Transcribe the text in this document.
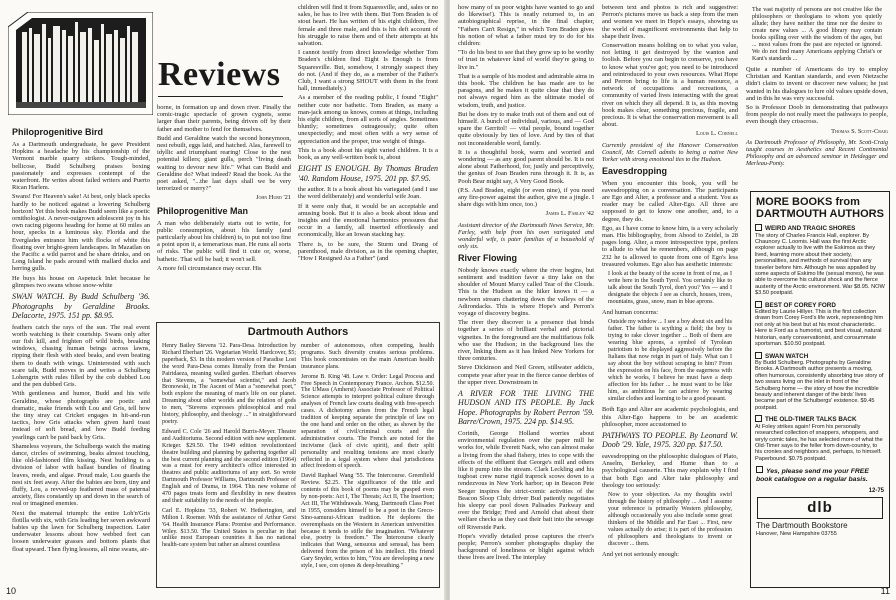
Reviews
Philoprogenitive Bird

As a Dartmouth undergraduate, he gave President Hopkins a headache by his championship of the Vermont marble quarry strikers. Tough-minded, bellicose, Budd Schulberg praises boxing passionately and expresses contempt of the waterfront. He writes about failed writers and Puerto Rican Harlem.

Swans! For Heaven's sake! At best, only black specks hardly to be noticed against a lowering Schulberg horizon! Yet this book makes Budd seem like a poetic ornithologist. A never-outgrown adolescent joy in his own racing pigeons heading for home at 60 miles an hour, specks in a luminous sky. Florida and the Everglades entrance him with flocks of white ibis floating over bright-green landscapes. In Mazatlan on the Pacific a wild parrot and he share drinks, and on Long Island he pads around with mallard ducks and herring gulls.

He buys his house on Aspetuck Inlet because he glimpses two swans whose snow-white

SWAN WATCH. By Budd Schulberg '36. Photographs by Geraldine Brooks. Delacorte, 1975. 151 pp. $8.95.

feathers catch the rays of the sun. The real event worth watching is their courtship. Swans only after our fish kill, and frighten off wild birds, breaking windows, chasing human beings across lawns, ripping their flesh with steel beaks, and even beating them to death with wings. Uninterested with such scare talk, Budd moves in and writes a Schulberg Lohengrin with rules filled by the cob dubbed Lou and the pen dubbed Gris.

With gentleness and humor, Budd and his wife Geraldine, whose photographs are poetic and dramatic, make friends with Lou and Gris, tell how the tiny stray cat Cricket engages in hit-and-run tactics, how Gris attacks when given hard toast instead of soft bread, and how Budd feeding yearlings can't be paid back by Gris.

Shameless voyeurs, the Schulbergs watch the mating dance, circles of swimming, beaks almost touching, like old-fashioned film kissing. Nest building is a division of labor with ballast bundles of floating leaves, reeds, and algae. Proud male, Lou guards the nest six feet away. After the babies are born, tiny and fluffy, Lou, a revved-up feathered mass of paternal anxiety, flies constantly up and down in the search of real or imagined enemies.

Next the maternal triumph: the entire Loh'n'Gris flotilla with six, with Gris leading her seven awkward babies up the lawn for Schulberg inspection. Later underwater lessons about how webbed feet can loosen underwater grasses and bottom plants that float upward. Then flying lessons, all nine swans, air-

borne, in formation up and down river. Finally the comic-tragic spectacle of grown cygnets, some larger than their parents, being driven off by their father and mother to fend for themselves.

Budd and Geraldine watch the second honeymoon, nest rebuilt, eggs laid, and hatched. Alas, farewell to idyllic and triumphant rearing! Close to the nest potential killers; giant gulls, perch "living death waiting to devour new life." What can Budd and Geraldine do? What indeed? Read the book. As the poet asked, "...the last days shall we be very terrorized or merry?"

John Hurd '21
Philoprogenitive Man

A man who deliberately starts out to write, for public consumption, about his family (and particularly about his children) is, to put not too fine a point upon it, a temerarious man. He runs all sorts of risks. The public will find it cute or, worse, bathetic. That will be bad; it won't sell.

A more fell circumstance may occur. His

children will find it from Squaresville, and, sales or no sales, he has to live with them. But Tom Braden is of stout heart. He has written of his eight children, five female and three male, and this is his deft account of his struggle to raise them and of their attempts at his salvation.

I cannot testify from direct knowledge whether Tom Braden's children find Eight Is Enough is from Squaresville. But, somehow, I strongly suspect they do not. (And if they do, as a member of the Father's Club, I want a strong SHOUT with them in the front hall, immediately.)

As a member of the reading public, I found "Eight" neither cute nor bathetic. Tom Braden, as many a man-jack among us knows, comes at things, including his eight children, from all sorts of angles. Sometimes bluntly; sometimes outrageously; quite often unexpectedly; and most often with a wry sense of appreciation and the proper, true weight of things.

This is a book about his eight varied children. It is a book, as any well-written book is, about

EIGHT IS ENOUGH. By Thomas Braden '40. Random House, 1975. 201 pp. $7.95.

the author. It is a book about his variegated (and I use the word deliberately) and wonderful wife Joan.

If it were only that, it would be an acceptable and amusing book. But it is also a book about ideas and insights and the emotional harmonics pressures that occur in a family, all inserted effortlessly and economically, like an Iowan stacking hay.

There is, to be sure, the Sturm und Drang of parenthood, male division, as in the opening chapter, "How I Resigned As a Father" (and

Dartmouth Authors

Henry Bailey Stevens '12. Para-Desa. Introduction by Richard Eberhart '26. Vegetarian World. Hardcover, $5; paperback, $3. In this modern version of Paradise Lost the word Para-Desa comes literally from the Persian Pairidaeza, meaning walled garden. Eberhart observes that Stevens, a "somewhat scientist," and Jacob Bronowski, in The Ascent of Man a "somewhat poet," both explore the meaning of man's life on our planet. Dreaming about other worlds and the relation of gods to men, "Stevens expresses philosophical and real history, philosophy, and theology ..." in straightforward poetry.

Edward C. Cole '26 and Harold Burris-Meyer. Theatre and Auditoriums. Second edition with new supplement. Krieger. $29.50. The 1949 edition revolutionized theatre building and planning by gathering together all the best current planning and the second edition (1964) was a must for every architect's office interested in theatres and public auditoriums of any sort. So wrote Dartmouth Professor Williams, Dartmouth Professor of English and of Drama, in 1964. This new volume of 470 pages treats form and flexibility in new theatres and their suitability to the needs of the people.

Carl E. Hopkins '33, Robert W. Hetherington, and Milton I. Roemer. With the assistance of Arthur Gerst '64. Health Insurance Plans: Promise and Performance. Wiley. $13.50. The United States is peculiar in that unlike most European countries it has no national health-care system but rather an almost countless

number of autonomous, often competing, health programs. Such diversity creates serious problems. This book concentrates on the main American health insurance plans.

Jerome B. King '48. Law v. Order: Legal Process and Free Speech in Contemporary France. Archon. $12.50. The UMass (Amherst) Associate Professor of Political Science attempts to interpret political culture through analyses of French law courts dealing with free-speech cases. A dichotomy arises from the French legal tradition of keeping separate the principle of law on the one hand and order on the other, as shown by the separation of civil/criminal courts and the administrative courts. The French are noted for the incivisme (lack of civic spirit), and their split personality and resulting tensions are most clearly reflected in a legal system where dual jurisdictions affect freedom of speech.

David Raphael Wang '55. The Intercourse. Greenfield Review. $2.25. The significance of the title and contents of this book of poems may be grasped even by non-poets: Act I, The Threats; Act II, The Insertion; Act III, The Withdrawals. Wang, Dartmouth Class Poet in 1955, considers himself to be a poet in the Greco-Sino-samurai-African tradition. He deplores the overemphasis on the Western in American universities because it tends to stifle the imagination. "Whatever else, poetry is freedom." The Intercourse clearly indicates that Wang, sensuous and sensual, has been delivered from the prison of his intellect. His friend Gary Snyder, writes to him, "You are developing a new style, I see, con ojones & deep-breathing."

10

how many of us poor wights have wanted to go and do likewise!). This is neatly returned to, in an autobiographical reprise, in the final chapter, "Fathers Can't Resign," in which Tom Braden gives his notion of what a father must try to do for his children:

"To do his best to see that they grow up to be worthy of trust in whatever kind of world they're going to live in."

That is a sample of his modest and admirable aims in this book. The children he has made are to be paragons, and he makes it quite clear that they do not always regard him as the ultimate model of wisdom, truth, and justice.

But he does try to make truth out of them and out of himself. A bunch of individual, various, and — God spare the Gerritol! — vital people, bound together quite obviously by ties of love. And by ties of that not inconsiderable word, family.

It is a thoughtful book, warm and worried and wondering — as any good parent should be. It is not alone about Fatherhood, for, justly and perceptively, the genius of Joan Braden runs through it. It is, as Pooh Bear might say, A Very Good Book.

(P.S. And Braden, eight (or even nine), if you need any fire-power against the author, give me a jingle. I share digs with him once, too.)

James L. Farley '42
Assistant director of the Dartmouth News Service, Mr. Farley, with help from his own variegated and wonderful wife, is pater familias of a household of only six.
River Flowing

Nobody knows exactly where the river begins, but sentiment and tradition favor a tiny lake on the shoulder of Mount Marcy called Tear of the Clouds. This is the Hudson as the hiker knows it — a newborn stream chattering down the valleys of the Adirondacks. This is where Hope's and Perron's voyage of discovery begins.

The river they discover is a presence that binds together a series of brilliant verbal and pictorial vignettes. In the foreground are the multifarious folk who use the Hudson; in the background lies the river, linking them as it has linked New Yorkers for three centuries.

Steve Dickinson and Neil Green, stillwater addicts, compete year after year in the fierce canoe derbies of the upper river. Downstream in

A RIVER FOR THE LIVING THE HUDSON AND ITS PEOPLE. By Jack Hope. Photographs by Robert Perron '59. Barre/Crown, 1975. 224 pp. $14.95.

Corinth, George Holland worries about environmental regulation over the paper mill he works for, while Everett Nack, who can almost make a living from the shad fishery, tries to cope with the effects of the effluent that George's mill and others like it pump into the stream. Clark Leckling and his tugboat crew nurse rigid traprock scows down to a rendezvous in New York harbor; up in Beacon Pete Seeger inspires the strict-comic activities of the Beacon Sloop Club; driver Bud patiently negotiates his sleepy car pool down Palisades Parkway and over the Bridge; Fred and Arnold chat about their welfare checks as they cast their bait into the sewage off Riverside Park.

Hope's vividly detailed prose captures the river's people; Perron's somber photographs display the background of loneliness or blight against which these lives are lived. The interplay

between text and photos is rich and suggestive: Perron's pictures move us back a step from the men and women we meet in Hope's essays, showing us the world of magnificent environments that help to shape their lives.

Conservation means holding on to what you value, not letting it get destroyed by the wanton and foolish. Before you can begin to conserve, you have to know what you've got; you need to be introduced and reintroduced to your own resources. What Hope and Perron bring to life is a human resource, a network of occupations and recreations, a community of varied lives interacting with the great river on which they all depend. It is, as this moving book makes clear, something precious, fragile, and precious. It is what the conservation movement is all about.

Louis L. Cornell
Currently president of the Hanover Conservation Council, Mr. Cornell admits to being a native New Yorker with strong emotional ties to the Hudson.
Eavesdropping

When you encounter this book, you will be eavesdropping on a conversation. The participants are Ego and Alter, a professor and a student. You as reader may be called Alter-Ego. All three are supposed to get to know one another, and, to a degree, they do.

Ego, as I have come to know him, is a very scholarly man. His bibliography, from Abood to Zeidel, is 28 pages long. Alter, a more introspective type, prefers to allude to what he remembers, although on page 232 he is allowed to quote from one of Ego's less treasured volumes. Ego also has aesthetic interests:

I look at the beauty of the scene in front of me, as I write here in the South Tyrol. You certainly like to talk about the South Tyrol, don't you? Yes — and I designate the objects I see as church, houses, trees, mountains, grass, snow, man in blue aprons.

And human concerns:

Outside my window ... I see a boy about six and his father. The father is scything a field; the boy is trying to rake clover together ... Both of them are wearing blue aprons, a symbol of Tyrolean patriotism to be displayed aggressively before the Italians that now reign in part of Italy. What can I say about the boy without scraping to him? From the expression on his face, from the eagerness with which he works, I believe he must have a deep affection for his father ... he must want to be like him, as ambitious he can achieve by wearing similar clothes and learning to be a good peasant.

Both Ego and Alter are academic psychologists, and this Alter-Ego happens to be an academic philosopher, more accustomed to

PATHWAYS TO PEOPLE. By Leonard W. Doob '29. Yale, 1975. 320 pp. $17.50.

eavesdropping on the philosophic dialogues of Plato, Anselm, Berkeley, and Hume than to a psychological causerie. This may explain why I find that both Ego and Alter take philosophy and theology too seriously:

Now to your objection. As my thoughts swirl through the history of philosophy ... And I assume your reference is primarily Western philosophy, although occasionally you also include some great thinkers of the Middle and Far East ... First, new values actually do arise; it is part of the profession of philosophers and theologians to invent or discover ... them.

And yet not seriously enough:

The vast majority of persons are not creative like the philosophers or theologians to whom you quietly allude; they have neither the time nor the desire to create new values ... A good library may contain books spilling over with the wisdom of the ages, but ... most values from the past are rejected or ignored. We do not find many Americans applying Christ's or Kant's standards ...

Quite a number of Americans do try to employ Christian and Kantian standards, and even Nietzsche didn't claim to invent or discover new values; he just wanted in his dialogues to lure old values upside down, and in this he was very successful.

So is Professor Doob in demonstrating that pathways from people do not really meet the pathways to people, even though they crisscross.

Thomas S. Scott-Craig
As Dartmouth Professor of Philosophy, Mr. Scott-Craig taught courses in Aesthetics and Recent Continental Philosophy and an advanced seminar in Heidegger and Merleau-Ponty.
MORE BOOKS from DARTMOUTH AUTHORS
WEIRD AND TRAGIC SHORES
The story of Charles Francis Hall, explorer. By Chauncey C. Loomis. Hall was the first Arctic explorer actually to live with the Eskimos as they lived, learning more about their society, personalities, and methods of survival than any traveler before him. Although he was appalled by some aspects of Eskimo life (sexual mores), he was able to overcome his cultural shock and the fierce austerity of the Arctic environment. War $8.95. NOW $3.50 postpaid.
BEST OF COREY FORD
Edited by Laurie Hillyer. This is the first collection drawn from Corey Ford's life work, representing him not only at his best but at his most characteristic. Here is Ford as a humorist, and best visual, natural historian, early conservationist, and consummate sportsman. $10.50 postpaid.
SWAN WATCH
By Budd Schulberg. Photographs by Geraldine Brooks. A Dartmouth author presents a moving, often humorous, consistently absorbing true story of two swans living on the inlet in front of the Schulberg home — the story of how the incredible beauty and inherent danger of the birds' lives became part of the Schulbergs' existence. $9.45 postpaid.
THE OLD-TIMER TALKS BACK
At Foley strikes again! From his personally researched collection of snappers, whoppers, and wryly comic tales, he has selected more of what the Old-Timer says to the feller from down-country, to his cronies and neighbors and, perhaps, to himself. Paperbound. $0.75 postpaid.
Yes, please send me your FREE book catalogue on a regular basis.
12-75
dlb
The Dartmouth Bookstore
Hanover, New Hampshire 03755
11
